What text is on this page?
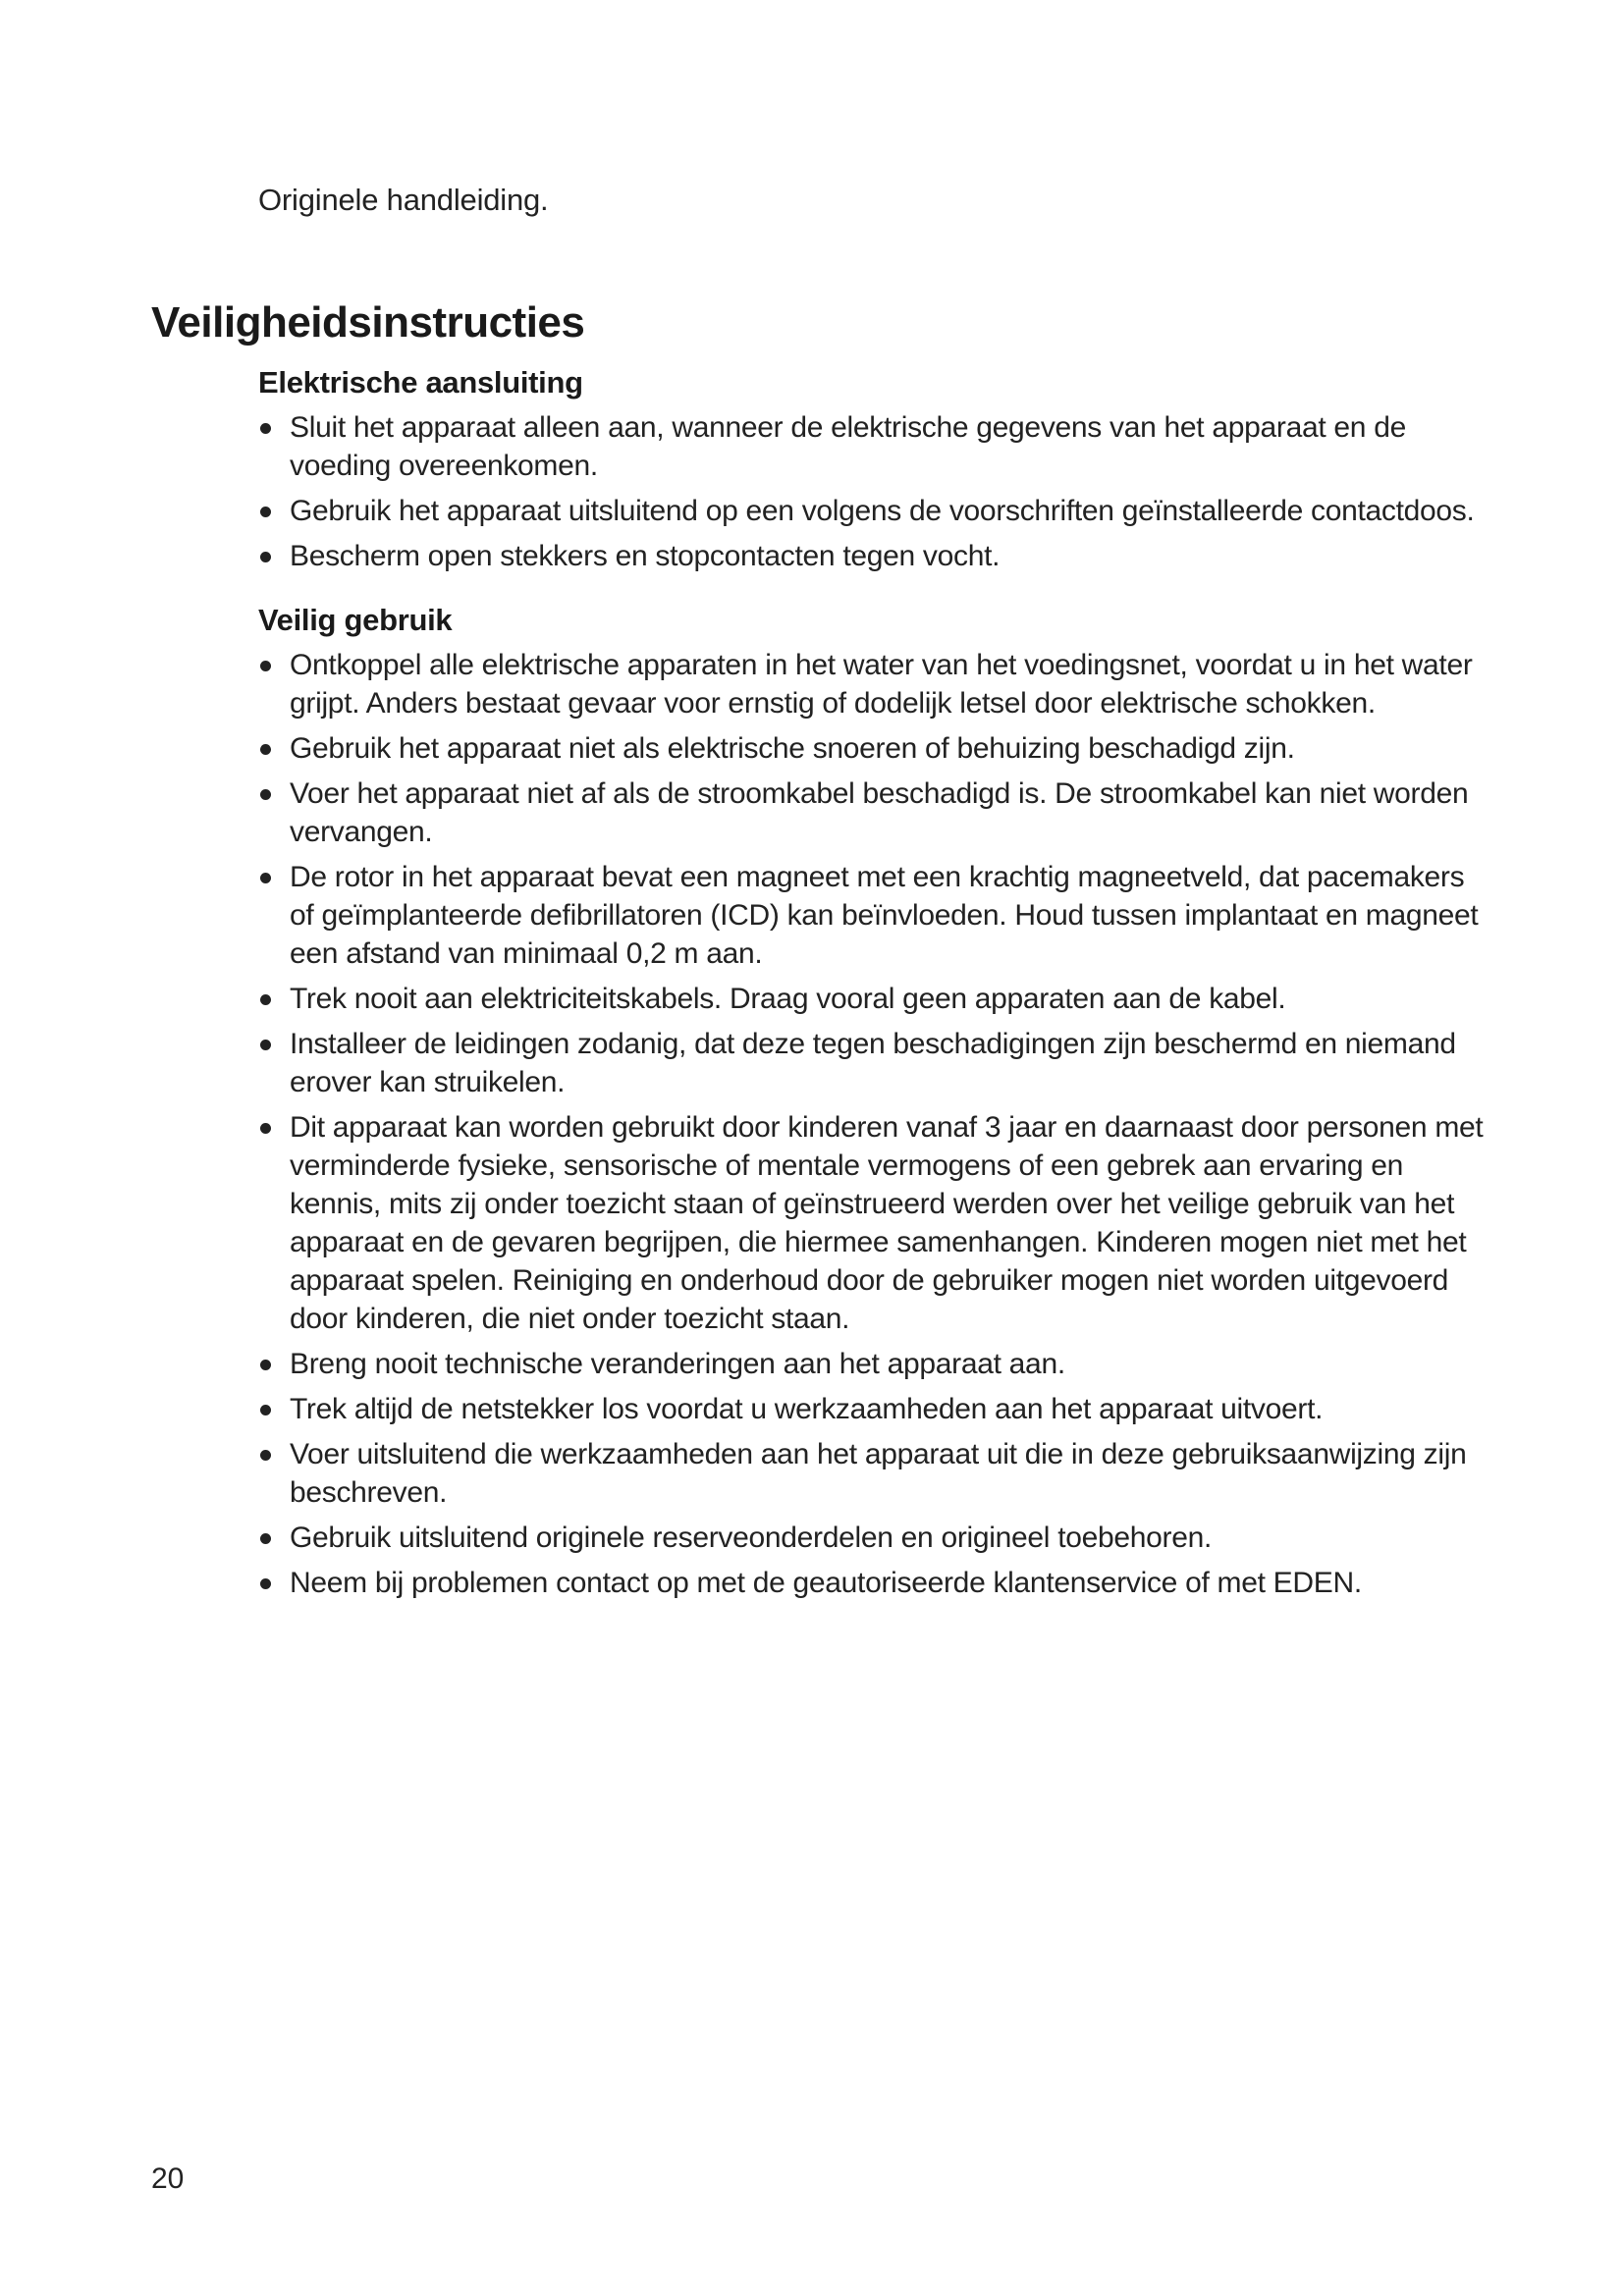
Originele handleiding.
Veiligheidsinstructies
Elektrische aansluiting
Sluit het apparaat alleen aan, wanneer de elektrische gegevens van het apparaat en de voeding overeenkomen.
Gebruik het apparaat uitsluitend op een volgens de voorschriften geïnstalleerde contactdoos.
Bescherm open stekkers en stopcontacten tegen vocht.
Veilig gebruik
Ontkoppel alle elektrische apparaten in het water van het voedingsnet, voordat u in het water grijpt. Anders bestaat gevaar voor ernstig of dodelijk letsel door elektrische schokken.
Gebruik het apparaat niet als elektrische snoeren of behuizing beschadigd zijn.
Voer het apparaat niet af als de stroomkabel beschadigd is. De stroomkabel kan niet worden vervangen.
De rotor in het apparaat bevat een magneet met een krachtig magneetveld, dat pacemakers of geïmplanteerde defibrillatoren (ICD) kan beïnvloeden. Houd tussen implantaat en magneet een afstand van minimaal 0,2 m aan.
Trek nooit aan elektriciteitskabels. Draag vooral geen apparaten aan de kabel.
Installeer de leidingen zodanig, dat deze tegen beschadigingen zijn beschermd en niemand erover kan struikelen.
Dit apparaat kan worden gebruikt door kinderen vanaf 3 jaar en daarnaast door personen met verminderde fysieke, sensorische of mentale vermogens of een gebrek aan ervaring en kennis, mits zij onder toezicht staan of geïnstrueerd werden over het veilige gebruik van het apparaat en de gevaren begrijpen, die hiermee samenhangen. Kinderen mogen niet met het apparaat spelen. Reiniging en onderhoud door de gebruiker mogen niet worden uitgevoerd door kinderen, die niet onder toezicht staan.
Breng nooit technische veranderingen aan het apparaat aan.
Trek altijd de netstekker los voordat u werkzaamheden aan het apparaat uitvoert.
Voer uitsluitend die werkzaamheden aan het apparaat uit die in deze gebruiksaanwijzing zijn beschreven.
Gebruik uitsluitend originele reserveonderdelen en origineel toebehoren.
Neem bij problemen contact op met de geautoriseerde klantenservice of met EDEN.
20
